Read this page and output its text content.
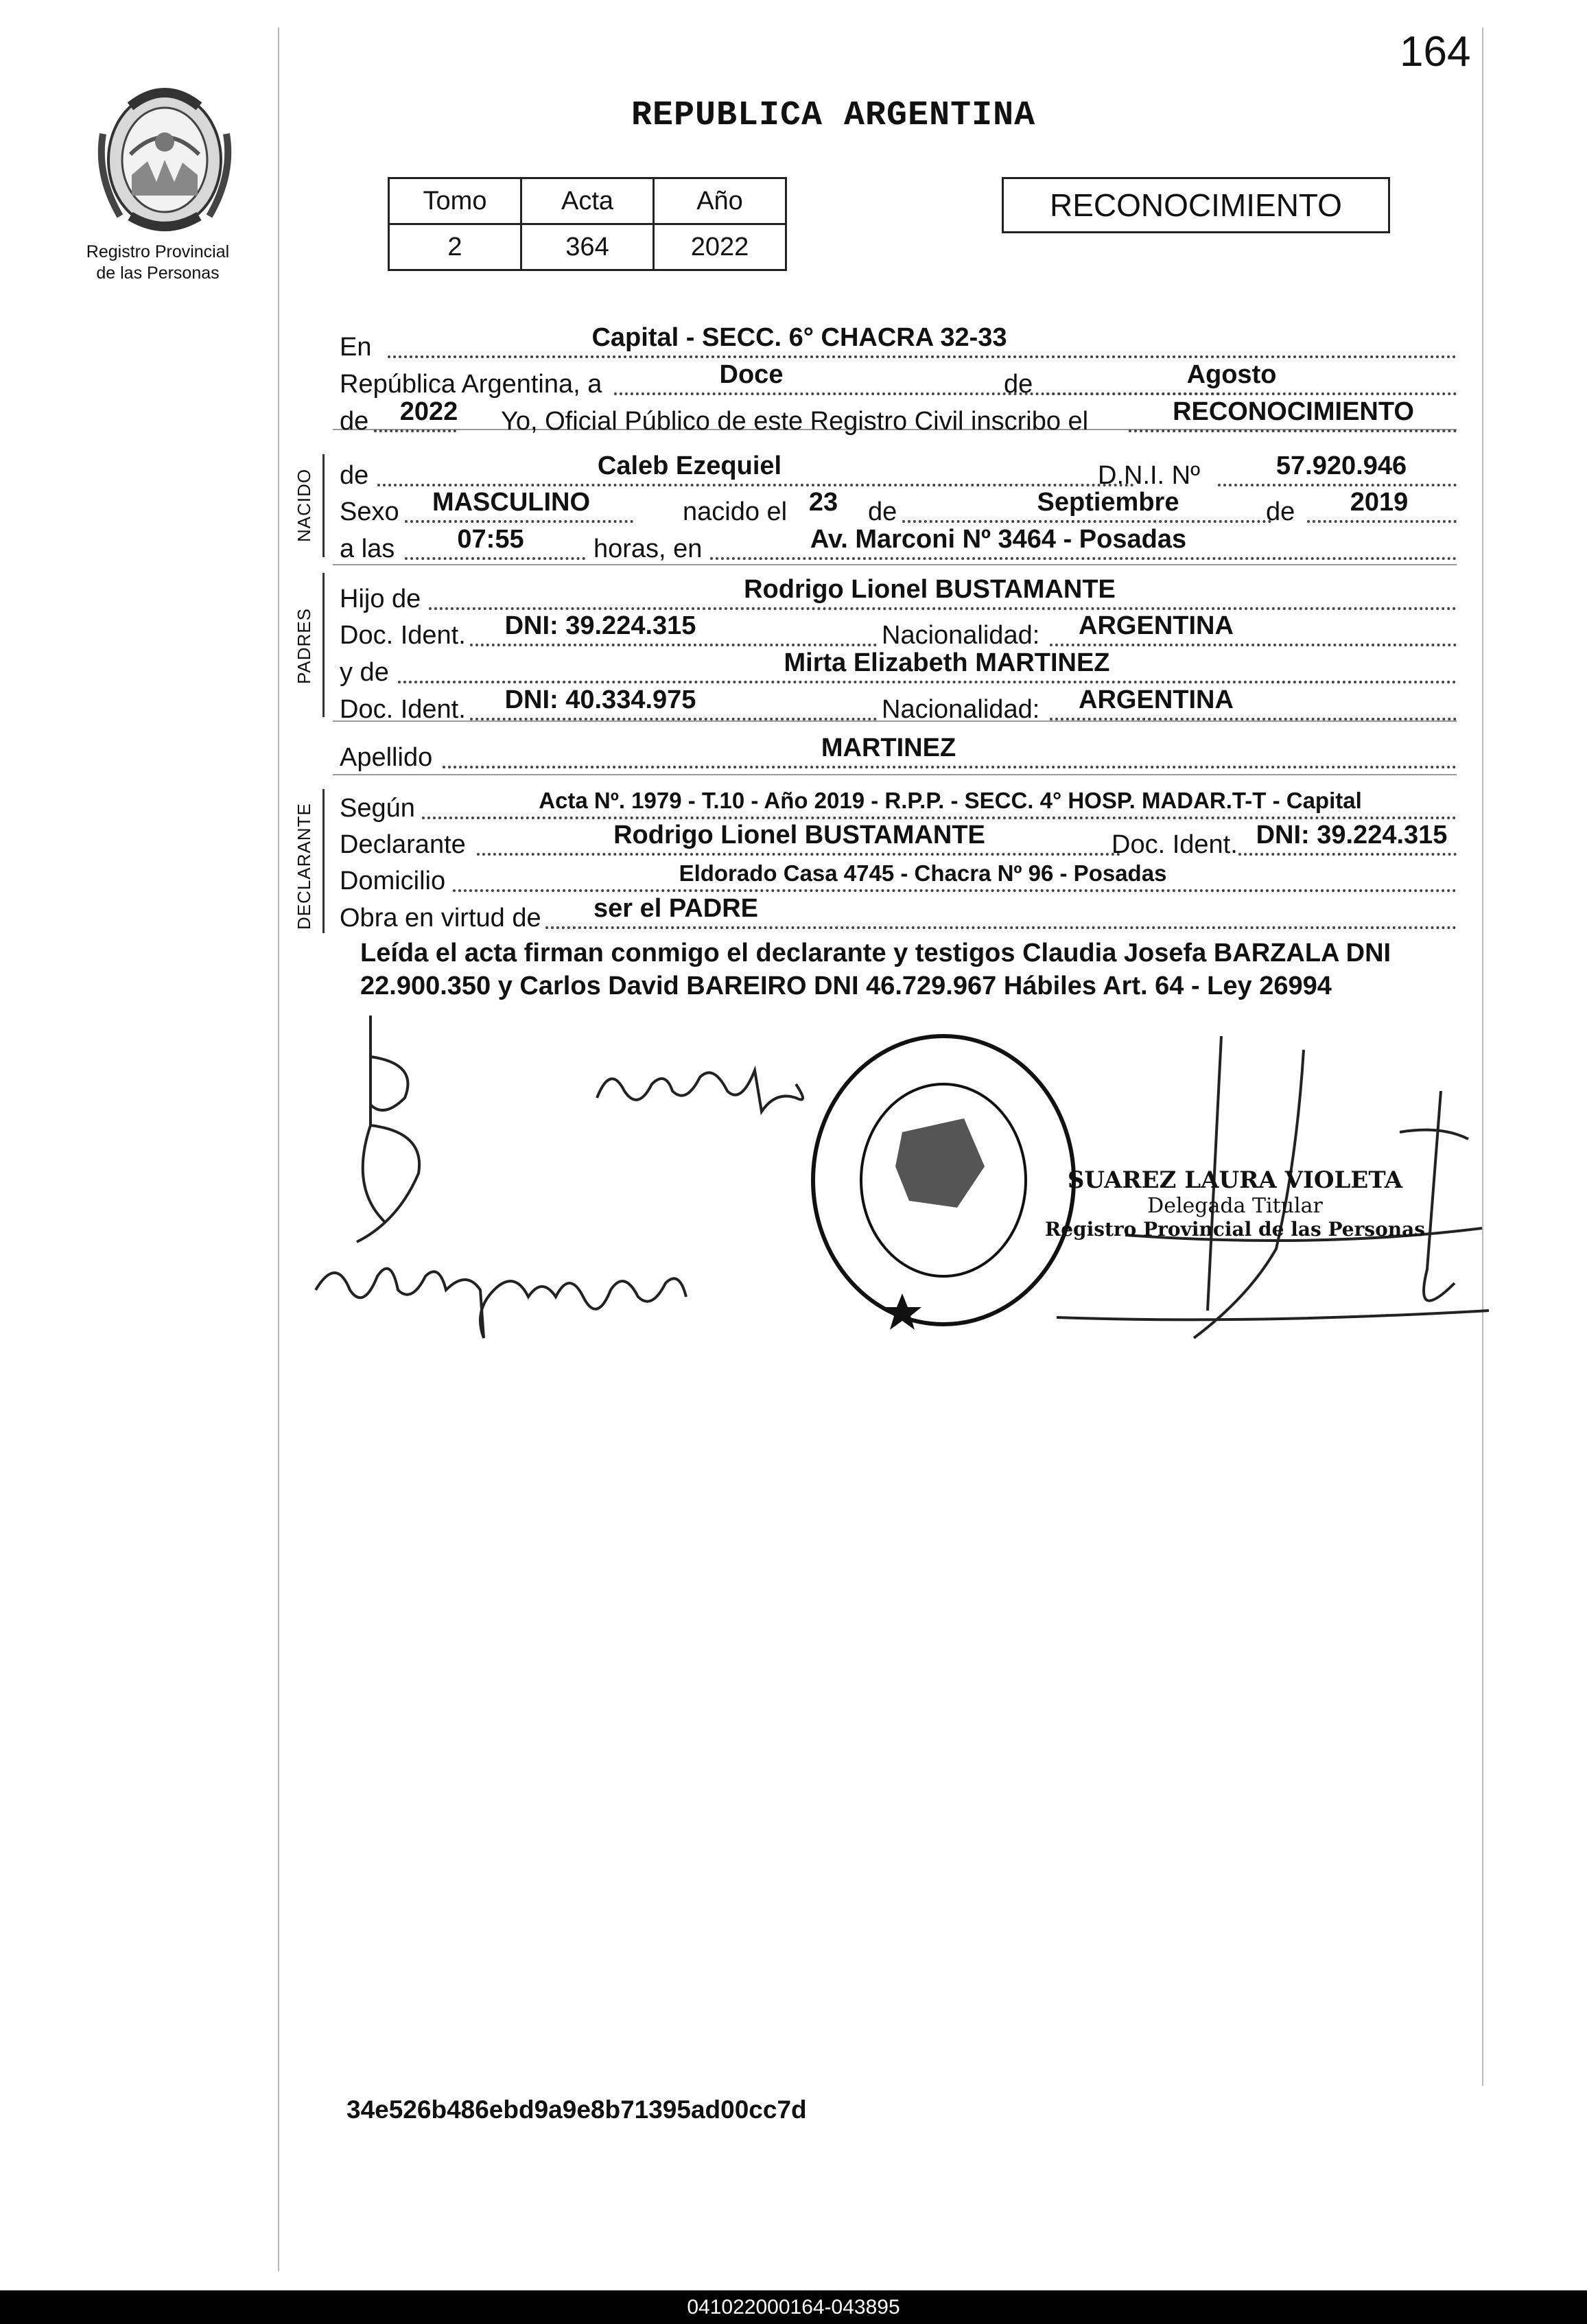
164
Registro Provincial
de las Personas
REPUBLICA ARGENTINA
Tomo	Acta	Año
2	364	2022
RECONOCIMIENTO
NACIDO
PADRES
DECLARANTE
En	Capital - SECC. 6° CHACRA 32-33
República Argentina, a	Doce	de	Agosto
de	2022	Yo, Oficial Público de este Registro Civil inscribo el	RECONOCIMIENTO
de	Caleb Ezequiel	D.N.I. Nº	57.920.946
Sexo	MASCULINO	nacido el 23	de	Septiembre	de	2019
a las	07:55	horas, en	Av. Marconi Nº 3464 - Posadas
Hijo de	Rodrigo Lionel BUSTAMANTE
Doc. Ident.	DNI: 39.224.315	Nacionalidad:	ARGENTINA
y de	Mirta Elizabeth MARTINEZ
Doc. Ident.	DNI: 40.334.975	Nacionalidad:	ARGENTINA
Apellido	MARTINEZ
Según	Acta Nº. 1979 - T.10 - Año 2019 - R.P.P. - SECC. 4° HOSP. MADAR.T-T - Capital
Declarante	Rodrigo Lionel BUSTAMANTE	Doc. Ident. DNI: 39.224.315
Domicilio	Eldorado Casa 4745 - Chacra Nº 96 - Posadas
Obra en virtud de ser el PADRE
Leída el acta firman conmigo el declarante y testigos Claudia Josefa BARZALA DNI 22.900.350 y Carlos David BAREIRO DNI 46.729.967 Hábiles Art. 64 - Ley 26994
SUAREZ LAURA VIOLETA
Delegada Titular
Registro Provincial de las Personas
34e526b486ebd9a9e8b71395ad00cc7d
041022000164-043895
